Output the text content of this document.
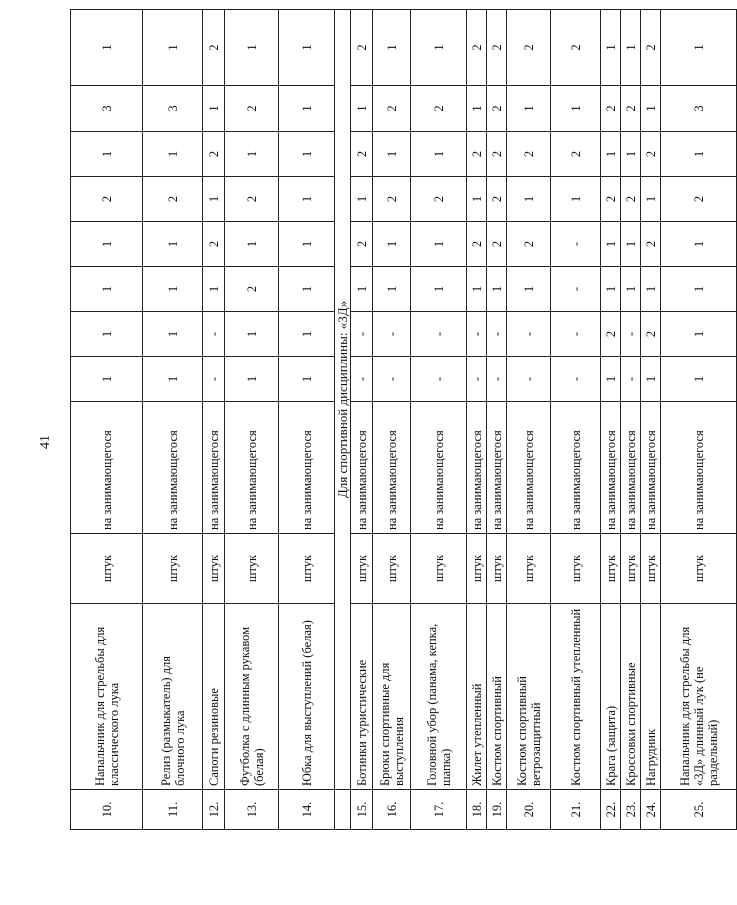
41
10.	Напальчник для стрельбы для классического лука	штук	на занимающегося	1	1	1	1	2	1	3	1
11.	Релиз (размыкатель) для блочного лука	штук	на занимающегося	1	1	1	1	2	1	3	1
12.	Сапоги резиновые	штук	на занимающегося	-	-	1	2	1	2	1	2
13.	Футболка с длинным рукавом (белая)	штук	на занимающегося	1	1	2	1	2	1	2	1
14.	Юбка для выступлений (белая)	штук	на занимающегося	1	1	1	1	1	1	1	1
	Для спортивной дисциплины: «3Д»										
15.	Ботинки туристические	штук	на занимающегося	-	-	1	2	1	2	1	2
16.	Брюки спортивные для выступления	штук	на занимающегося	-	-	1	1	2	1	2	1
17.	Головной убор (панама, кепка, шапка)	штук	на занимающегося	-	-	1	1	2	1	2	1
18.	Жилет утепленный	штук	на занимающегося	-	-	1	2	1	2	1	2
19.	Костюм спортивный	штук	на занимающегося	-	-	1	2	2	2	2	2
20.	Костюм спортивный ветрозащитный	штук	на занимающегося	-	-	1	2	1	2	1	2
21.	Костюм спортивный утепленный	штук	на занимающегося	-	-	-	-	1	2	1	2
22.	Крага (защита)	штук	на занимающегося	1	2	1	1	2	1	2	1
23.	Кроссовки спортивные	штук	на занимающегося	-	-	1	1	2	1	2	1
24.	Нагрудник	штук	на занимающегося	1	2	1	2	1	2	1	2
25.	Напальчник для стрельбы для «3Д» длинный лук (не раздельный)	штук	на занимающегося	1	1	1	1	2	1	3	1
